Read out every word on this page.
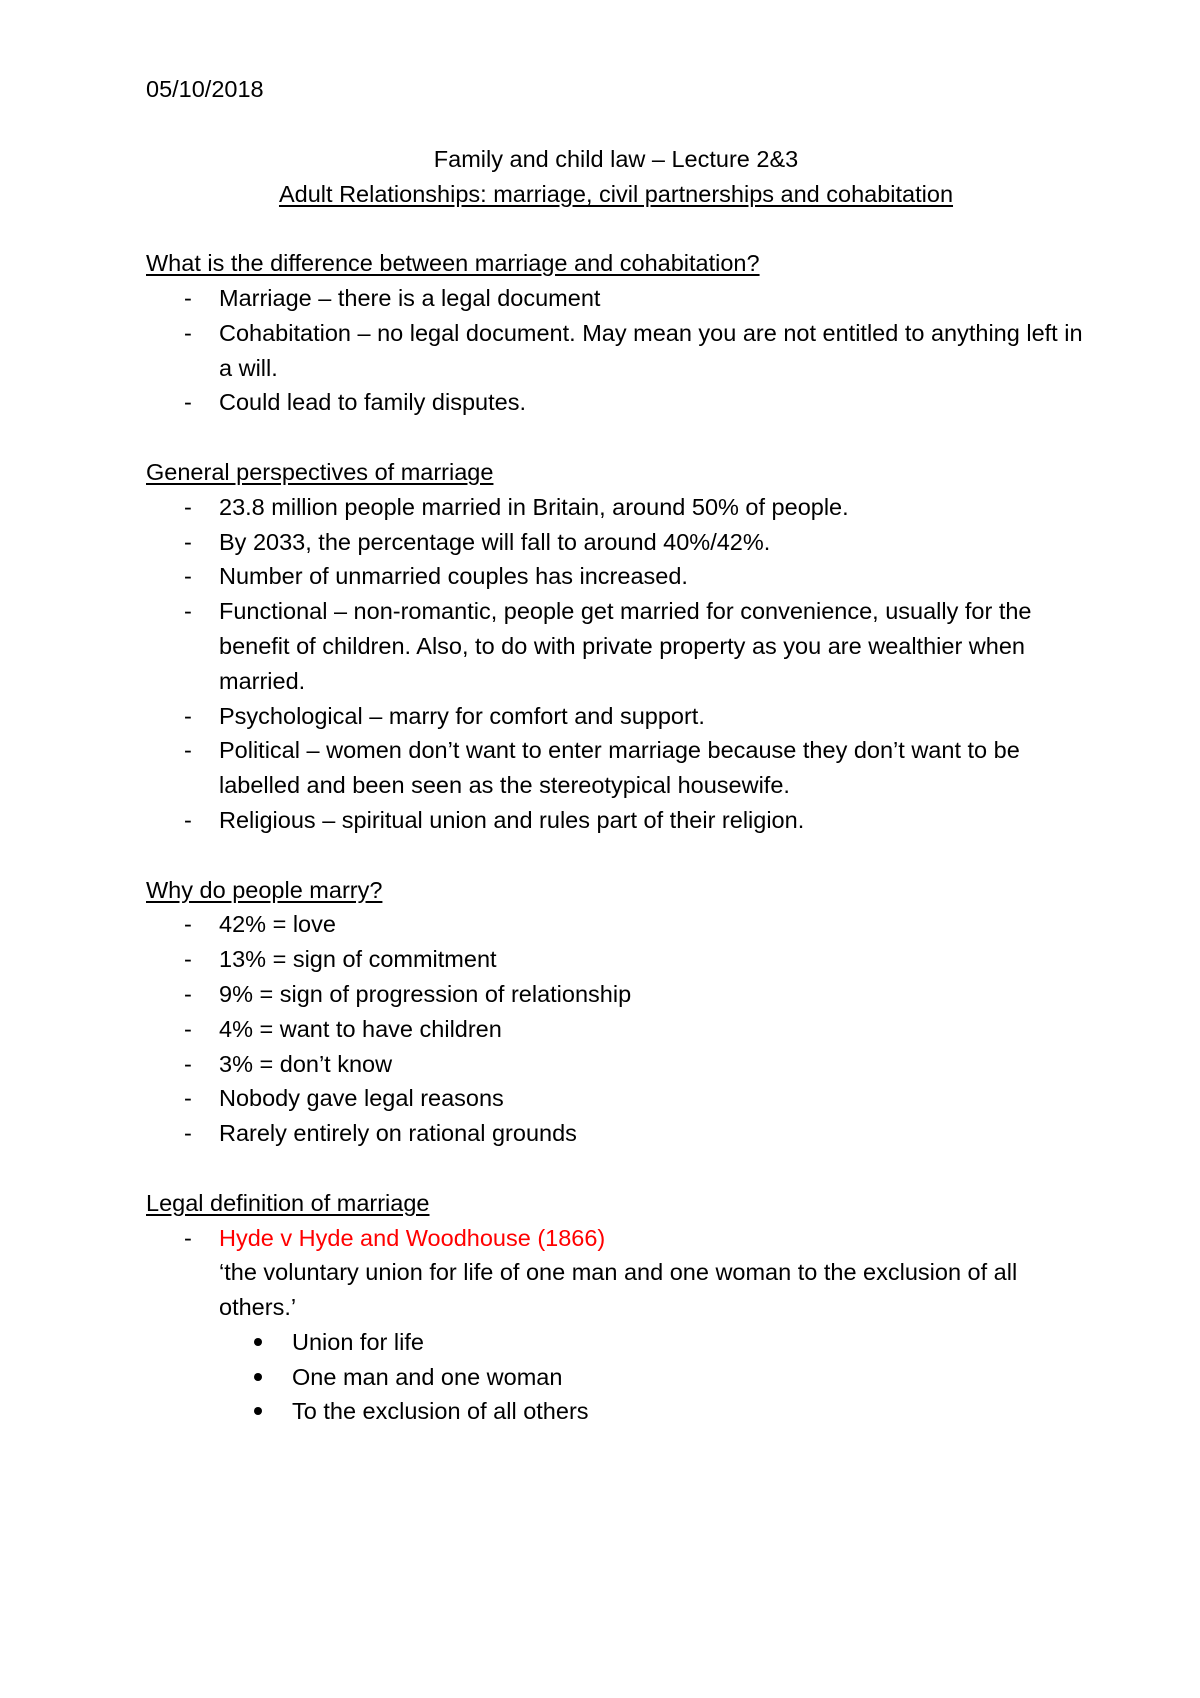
05/10/2018

Family and child law – Lecture 2&3

Adult Relationships: marriage, civil partnerships and cohabitation

What is the difference between marriage and cohabitation?

- Marriage – there is a legal document
- Cohabitation – no legal document. May mean you are not entitled to anything left in a will.
- Could lead to family disputes.

General perspectives of marriage

- 23.8 million people married in Britain, around 50% of people.
- By 2033, the percentage will fall to around 40%/42%.
- Number of unmarried couples has increased.
- Functional – non-romantic, people get married for convenience, usually for the benefit of children. Also, to do with private property as you are wealthier when married.
- Psychological – marry for comfort and support.
- Political – women don’t want to enter marriage because they don’t want to be labelled and been seen as the stereotypical housewife.
- Religious – spiritual union and rules part of their religion.

Why do people marry?

- 42% = love
- 13% = sign of commitment
- 9% = sign of progression of relationship
- 4% = want to have children
- 3% = don’t know
- Nobody gave legal reasons
- Rarely entirely on rational grounds

Legal definition of marriage

- Hyde v Hyde and Woodhouse (1866)
‘the voluntary union for life of one man and one woman to the exclusion of all others.’
Union for life
One man and one woman
To the exclusion of all others
